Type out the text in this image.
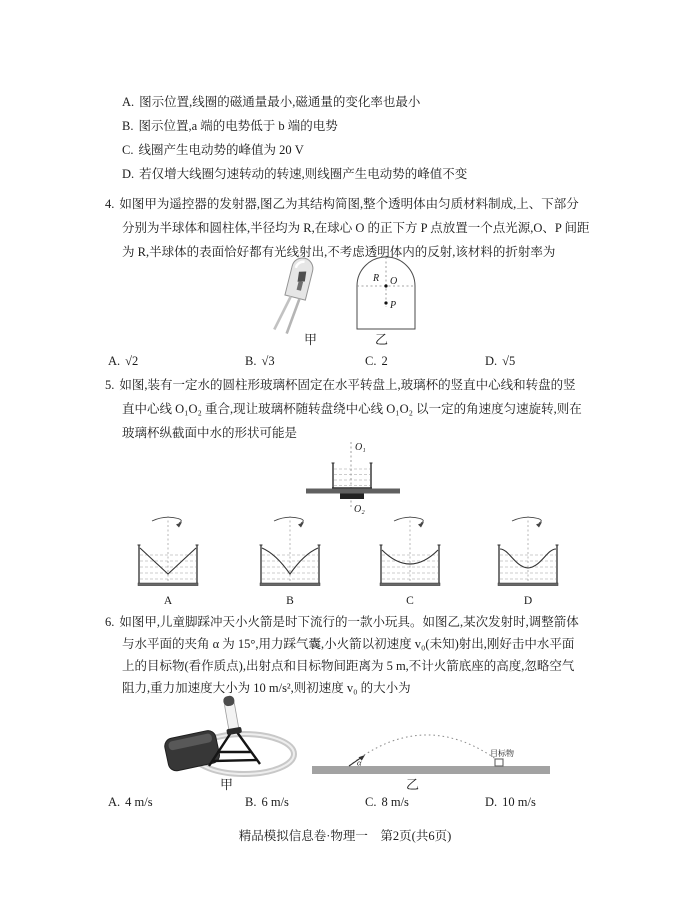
A. 图示位置,线圈的磁通量最小,磁通量的变化率也最小
B. 图示位置,a 端的电势低于 b 端的电势
C. 线圈产生电动势的峰值为 20 V
D. 若仅增大线圈匀速转动的转速,则线圈产生电动势的峰值不变
4. 如图甲为遥控器的发射器,图乙为其结构简图,整个透明体由匀质材料制成,上、下部分
分别为半球体和圆柱体,半径均为 R,在球心 O 的正下方 P 点放置一个点光源,O、P 间距
为 R,半球体的表面恰好都有光线射出,不考虑透明体内的反射,该材料的折射率为
甲
R O
P
乙
A. √2	B. √3	C. 2	D. √5
5. 如图,装有一定水的圆柱形玻璃杯固定在水平转盘上,玻璃杯的竖直中心线和转盘的竖
直中心线 O₁O₂ 重合,现让玻璃杯随转盘绕中心线 O₁O₂ 以一定的角速度匀速旋转,则在
玻璃杯纵截面中水的形状可能是
O₁
O₂
A	B	C	D
6. 如图甲,儿童脚踩冲天小火箭是时下流行的一款小玩具。如图乙,某次发射时,调整箭体
与水平面的夹角 α 为 15°,用力踩气囊,小火箭以初速度 v₀(未知)射出,刚好击中水平面
上的目标物(看作质点),出射点和目标物间距离为 5 m,不计火箭底座的高度,忽略空气
阻力,重力加速度大小为 10 m/s²,则初速度 v₀ 的大小为
甲
α
目标物
乙
A. 4 m/s	B. 6 m/s	C. 8 m/s	D. 10 m/s
精品模拟信息卷·物理一　第2页(共6页)
